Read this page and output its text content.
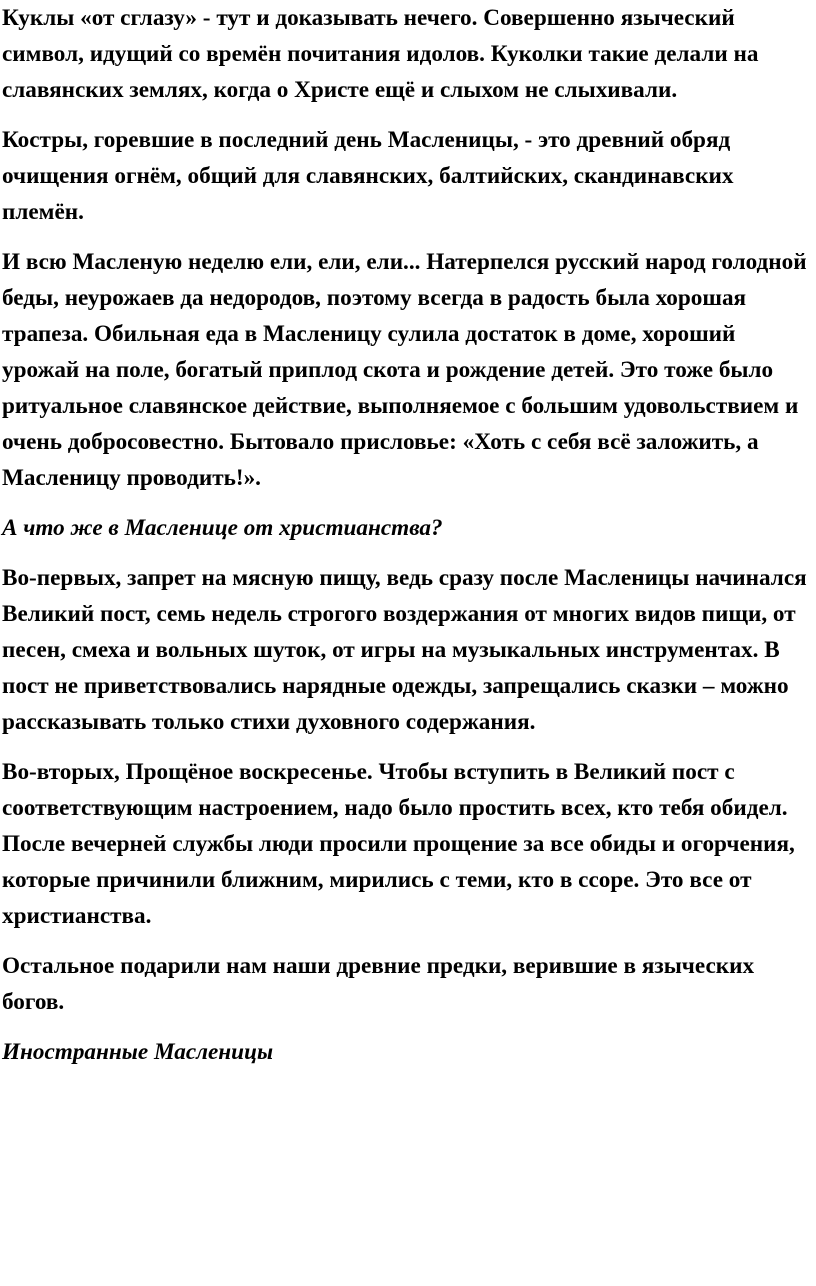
Куклы «от сглазу» - тут и доказывать нечего. Совершенно языческий символ, идущий со времён почитания идолов. Куколки такие делали на славянских землях, когда о Христе ещё и слыхом не слыхивали.

Костры, горевшие в последний день Масленицы, - это древний обряд очищения огнём, общий для славянских, балтийских, скандинавских племён.

И всю Масленую неделю ели, ели, ели... Натерпелся русский народ голодной беды, неурожаев да недородов, поэтому всегда в радость была хорошая трапеза. Обильная еда в Масленицу сулила достаток в доме, хороший урожай на поле, богатый приплод скота и рождение детей. Это тоже было ритуальное славянское действие, выполняемое с большим удовольствием и очень добросовестно. Бытовало присловье: «Хоть с себя всё заложить, а Масленицу проводить!».

А что же в Масленице от христианства?

Во-первых, запрет на мясную пищу, ведь сразу после Масленицы начинался Великий пост, семь недель строгого воздержания от многих видов пищи, от песен, смеха и вольных шуток, от игры на музыкальных инструментах. В пост не приветствовались нарядные одежды, запрещались сказки – можно рассказывать только стихи духовного содержания.

Во-вторых, Прощёное воскресенье. Чтобы вступить в Великий пост с соответствующим настроением, надо было простить всех, кто тебя обидел. После вечерней службы люди просили прощение за все обиды и огорчения, которые причинили ближним, мирились с теми, кто в ссоре. Это все от христианства.

Остальное подарили нам наши древние предки, верившие в языческих богов.

Иностранные Масленицы
